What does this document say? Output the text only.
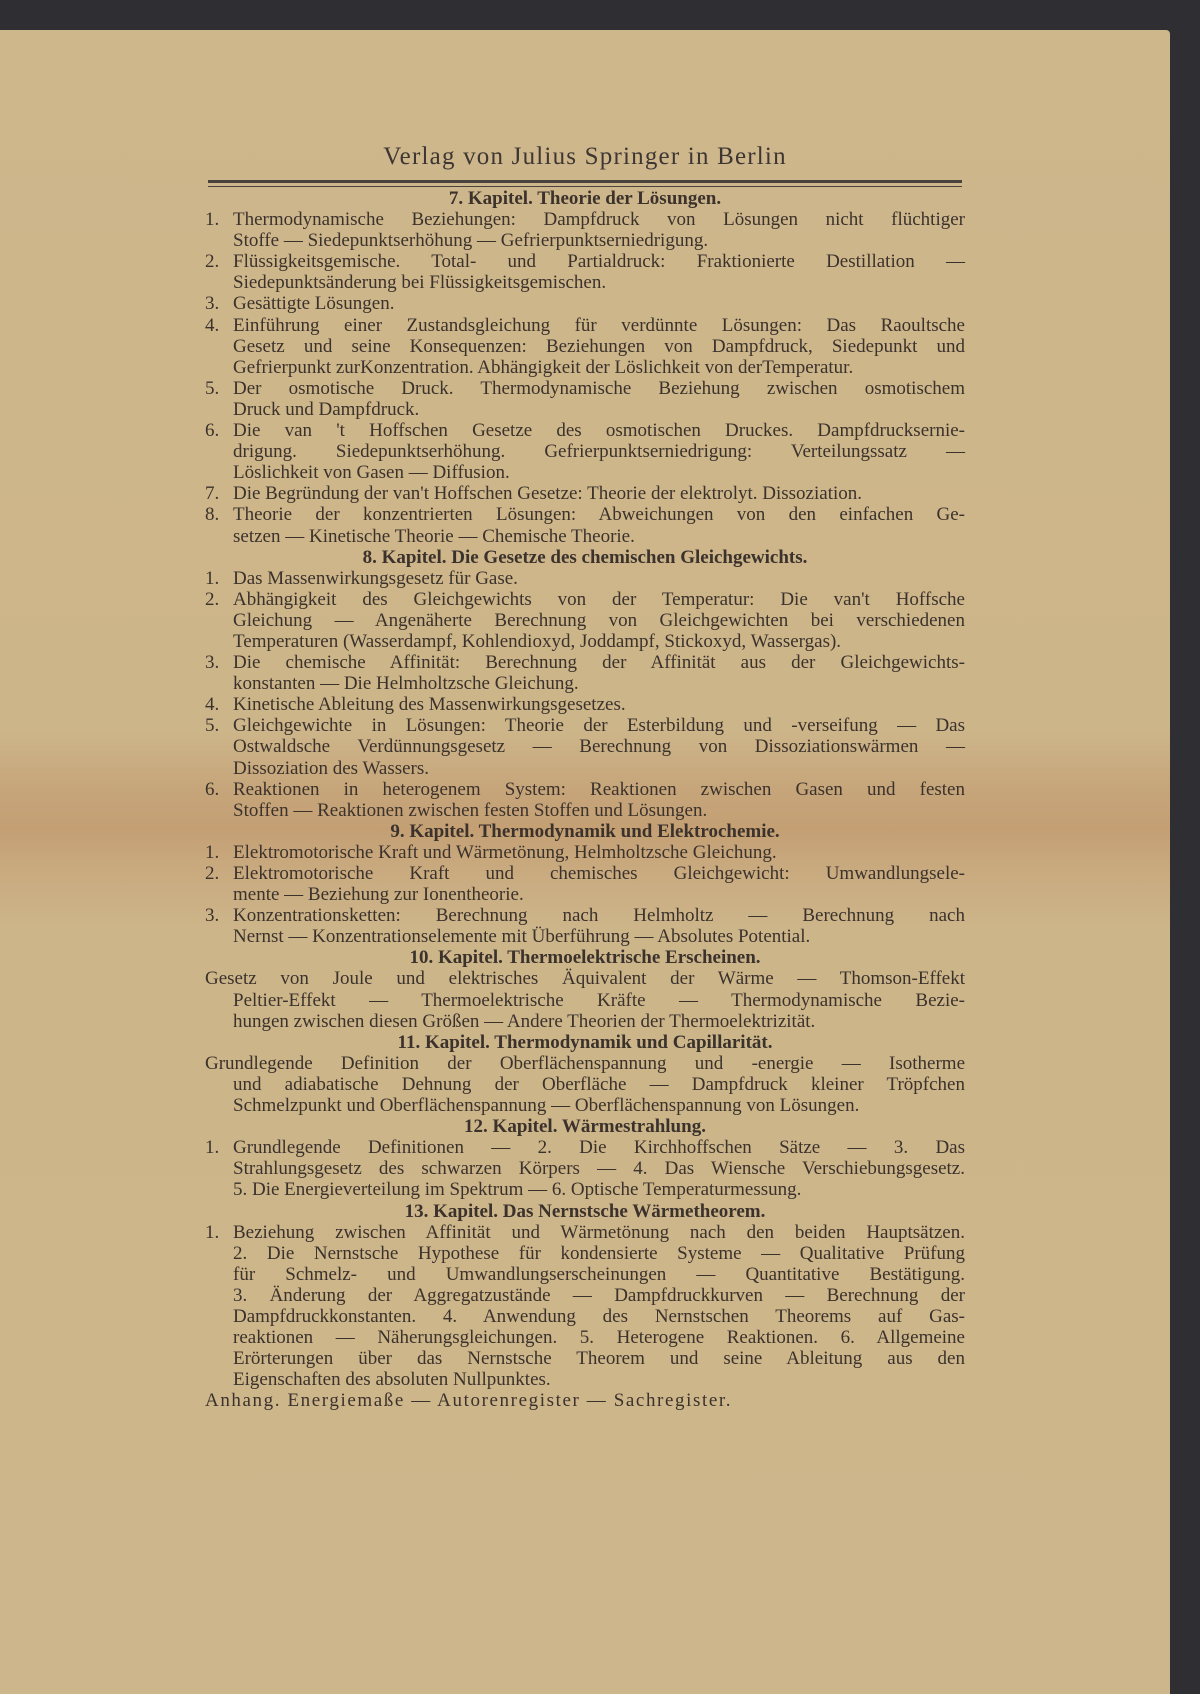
Verlag von Julius Springer in Berlin
7. Kapitel. Theorie der Lösungen.
1. Thermodynamische Beziehungen: Dampfdruck von Lösungen nicht flüchtiger
Stoffe — Siedepunktserhöhung — Gefrierpunktserniedrigung.
2. Flüssigkeitsgemische. Total- und Partialdruck: Fraktionierte Destillation —
Siedepunktsänderung bei Flüssigkeitsgemischen.
3. Gesättigte Lösungen.
4. Einführung einer Zustandsgleichung für verdünnte Lösungen: Das Raoultsche
Gesetz und seine Konsequenzen: Beziehungen von Dampfdruck, Siedepunkt und
Gefrierpunkt zurKonzentration. Abhängigkeit der Löslichkeit von derTemperatur.
5. Der osmotische Druck. Thermodynamische Beziehung zwischen osmotischem
Druck und Dampfdruck.
6. Die van 't Hoffschen Gesetze des osmotischen Druckes. Dampfdrucksernie-
drigung. Siedepunktserhöhung. Gefrierpunktserniedrigung: Verteilungssatz —
Löslichkeit von Gasen — Diffusion.
7. Die Begründung der van't Hoffschen Gesetze: Theorie der elektrolyt. Dissoziation.
8. Theorie der konzentrierten Lösungen: Abweichungen von den einfachen Ge-
setzen — Kinetische Theorie — Chemische Theorie.
8. Kapitel. Die Gesetze des chemischen Gleichgewichts.
1. Das Massenwirkungsgesetz für Gase.
2. Abhängigkeit des Gleichgewichts von der Temperatur: Die van't Hoffsche
Gleichung — Angenäherte Berechnung von Gleichgewichten bei verschiedenen
Temperaturen (Wasserdampf, Kohlendioxyd, Joddampf, Stickoxyd, Wassergas).
3. Die chemische Affinität: Berechnung der Affinität aus der Gleichgewichts-
konstanten — Die Helmholtzsche Gleichung.
4. Kinetische Ableitung des Massenwirkungsgesetzes.
5. Gleichgewichte in Lösungen: Theorie der Esterbildung und -verseifung — Das
Ostwaldsche Verdünnungsgesetz — Berechnung von Dissoziationswärmen —
Dissoziation des Wassers.
6. Reaktionen in heterogenem System: Reaktionen zwischen Gasen und festen
Stoffen — Reaktionen zwischen festen Stoffen und Lösungen.
9. Kapitel. Thermodynamik und Elektrochemie.
1. Elektromotorische Kraft und Wärmetönung, Helmholtzsche Gleichung.
2. Elektromotorische Kraft und chemisches Gleichgewicht: Umwandlungsele-
mente — Beziehung zur Ionentheorie.
3. Konzentrationsketten: Berechnung nach Helmholtz — Berechnung nach
Nernst — Konzentrationselemente mit Überführung — Absolutes Potential.
10. Kapitel. Thermoelektrische Erscheinen.
Gesetz von Joule und elektrisches Äquivalent der Wärme — Thomson-Effekt
Peltier-Effekt — Thermoelektrische Kräfte — Thermodynamische Bezie-
hungen zwischen diesen Größen — Andere Theorien der Thermoelektrizität.
11. Kapitel. Thermodynamik und Capillarität.
Grundlegende Definition der Oberflächenspannung und -energie — Isotherme
und adiabatische Dehnung der Oberfläche — Dampfdruck kleiner Tröpfchen
Schmelzpunkt und Oberflächenspannung — Oberflächenspannung von Lösungen.
12. Kapitel. Wärmestrahlung.
1. Grundlegende Definitionen — 2. Die Kirchhoffschen Sätze — 3. Das
Strahlungsgesetz des schwarzen Körpers — 4. Das Wiensche Verschiebungsgesetz.
5. Die Energieverteilung im Spektrum — 6. Optische Temperaturmessung.
13. Kapitel. Das Nernstsche Wärmetheorem.
1. Beziehung zwischen Affinität und Wärmetönung nach den beiden Hauptsätzen.
2. Die Nernstsche Hypothese für kondensierte Systeme — Qualitative Prüfung
für Schmelz- und Umwandlungserscheinungen — Quantitative Bestätigung.
3. Änderung der Aggregatzustände — Dampfdruckkurven — Berechnung der
Dampfdruckkonstanten. 4. Anwendung des Nernstschen Theorems auf Gas-
reaktionen — Näherungsgleichungen. 5. Heterogene Reaktionen. 6. Allgemeine
Erörterungen über das Nernstsche Theorem und seine Ableitung aus den
Eigenschaften des absoluten Nullpunktes.
Anhang. Energiemaße — Autorenregister — Sachregister.
